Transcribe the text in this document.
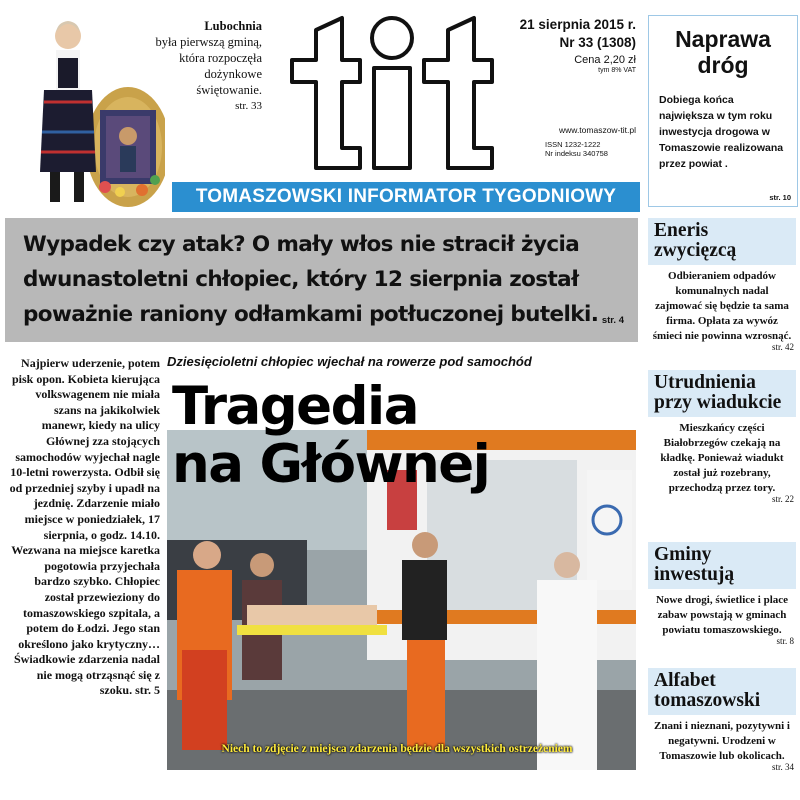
Lubochnia
była pierwszą gminą,
która rozpoczęła
dożynkowe
świętowanie.
str. 33
21 sierpnia 2015 r.
Nr 33 (1308)
Cena 2,20 zł
tym 8% VAT
www.tomaszow-tit.pl
ISSN 1232-1222
Nr indeksu 340758
TOMASZOWSKI INFORMATOR TYGODNIOWY
Naprawa dróg
Dobiega końca największa w tym roku inwestycja drogowa w Tomaszowie realizowana przez powiat .
str. 10
Wypadek czy atak? O mały włos nie stracił życia dwunastoletni chłopiec, który 12 sierpnia został poważnie raniony odłamkami potłuczonej butelki. str. 4
Najpierw uderzenie, potem pisk opon. Kobieta kierująca volkswagenem nie miała szans na jakikolwiek manewr, kiedy na ulicy Głównej zza stojących samochodów wyjechał nagle 10-letni rowerzysta. Odbił się od przedniej szyby i upadł na jezdnię. Zdarzenie miało miejsce w poniedziałek, 17 sierpnia, o godz. 14.10. Wezwana na miejsce karetka pogotowia przyjechała bardzo szybko. Chłopiec został przewieziony do tomaszowskiego szpitala, a potem do Łodzi. Jego stan określono jako krytyczny… Świadkowie zdarzenia nadal nie mogą otrząsnąć się z szoku. str. 5
Dziesięcioletni chłopiec wjechał na rowerze pod samochód
Tragedia
na Głównej
Niech to zdjęcie z miejsca zdarzenia będzie dla wszystkich ostrzeżeniem
Eneris zwycięzcą
Odbieraniem odpadów komunalnych nadal zajmować się będzie ta sama firma. Opłata za wywóz śmieci nie powinna wzrosnąć.
str. 42
Utrudnienia przy wiadukcie
Mieszkańcy części Białobrzegów czekają na kładkę. Ponieważ wiadukt został już rozebrany, przechodzą przez tory.
str. 22
Gminy inwestują
Nowe drogi, świetlice i place zabaw powstają w gminach powiatu tomaszowskiego.
str. 8
Alfabet tomaszowski
Znani i nieznani, pozytywni i negatywni. Urodzeni w Tomaszowie lub okolicach.
str. 34
